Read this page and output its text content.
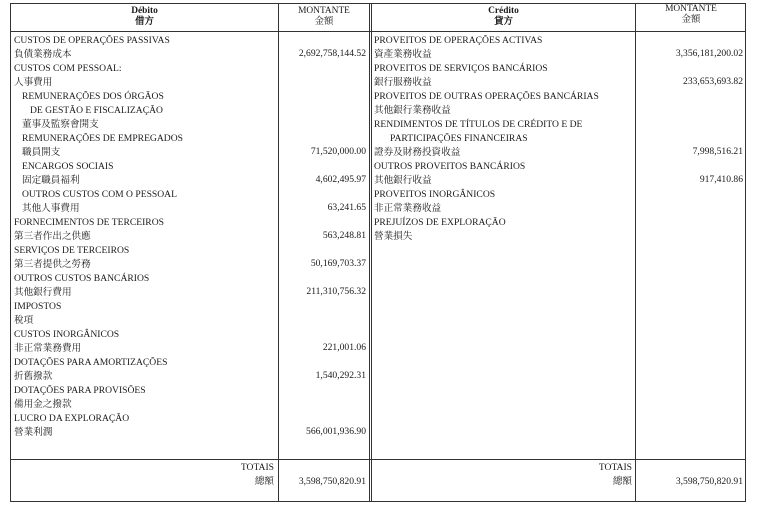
Débito
借方
MONTANTE
金額
Crédito
貸方
MONTANTE
金額
CUSTOS DE OPERAÇÕES PASSIVAS
負債業務成本
CUSTOS COM PESSOAL:
人事費用
REMUNERAÇÕES DOS ÓRGÃOS
DE GESTÃO E FISCALIZAÇÃO
董事及監察會開支
REMUNERAÇÕES DE EMPREGADOS
職員開支
ENCARGOS SOCIAIS
固定職員福利
OUTROS CUSTOS COM O PESSOAL
其他人事費用
FORNECIMENTOS DE TERCEIROS
第三者作出之供應
SERVIÇOS DE TERCEIROS
第三者提供之勞務
OUTROS CUSTOS BANCÁRIOS
其他銀行費用
IMPOSTOS
稅項
CUSTOS INORGÂNICOS
非正常業務費用
DOTAÇÕES PARA AMORTIZAÇÕES
折舊撥款
DOTAÇÕES PARA PROVISÕES
備用金之撥款
LUCRO DA EXPLORAÇÃO
營業利潤
2,692,758,144.52
71,520,000.00
4,602,495.97
63,241.65
563,248.81
50,169,703.37
211,310,756.32
221,001.06
1,540,292.31
566,001,936.90
PROVEITOS DE OPERAÇÕES ACTIVAS
資產業務收益
PROVEITOS DE SERVIÇOS BANCÁRIOS
銀行服務收益
PROVEITOS DE OUTRAS OPERAÇÕES BANCÁRIAS
其他銀行業務收益
RENDIMENTOS DE TÍTULOS DE CRÉDITO E DE
PARTICIPAÇÕES FINANCEIRAS
證券及財務投資收益
OUTROS PROVEITOS BANCÁRIOS
其他銀行收益
PROVEITOS INORGÂNICOS
非正常業務收益
PREJUÍZOS DE EXPLORAÇÃO
營業損失
3,356,181,200.02
233,653,693.82
7,998,516.21
917,410.86
TOTAIS
總額	3,598,750,820.91
TOTAIS
總額	3,598,750,820.91
